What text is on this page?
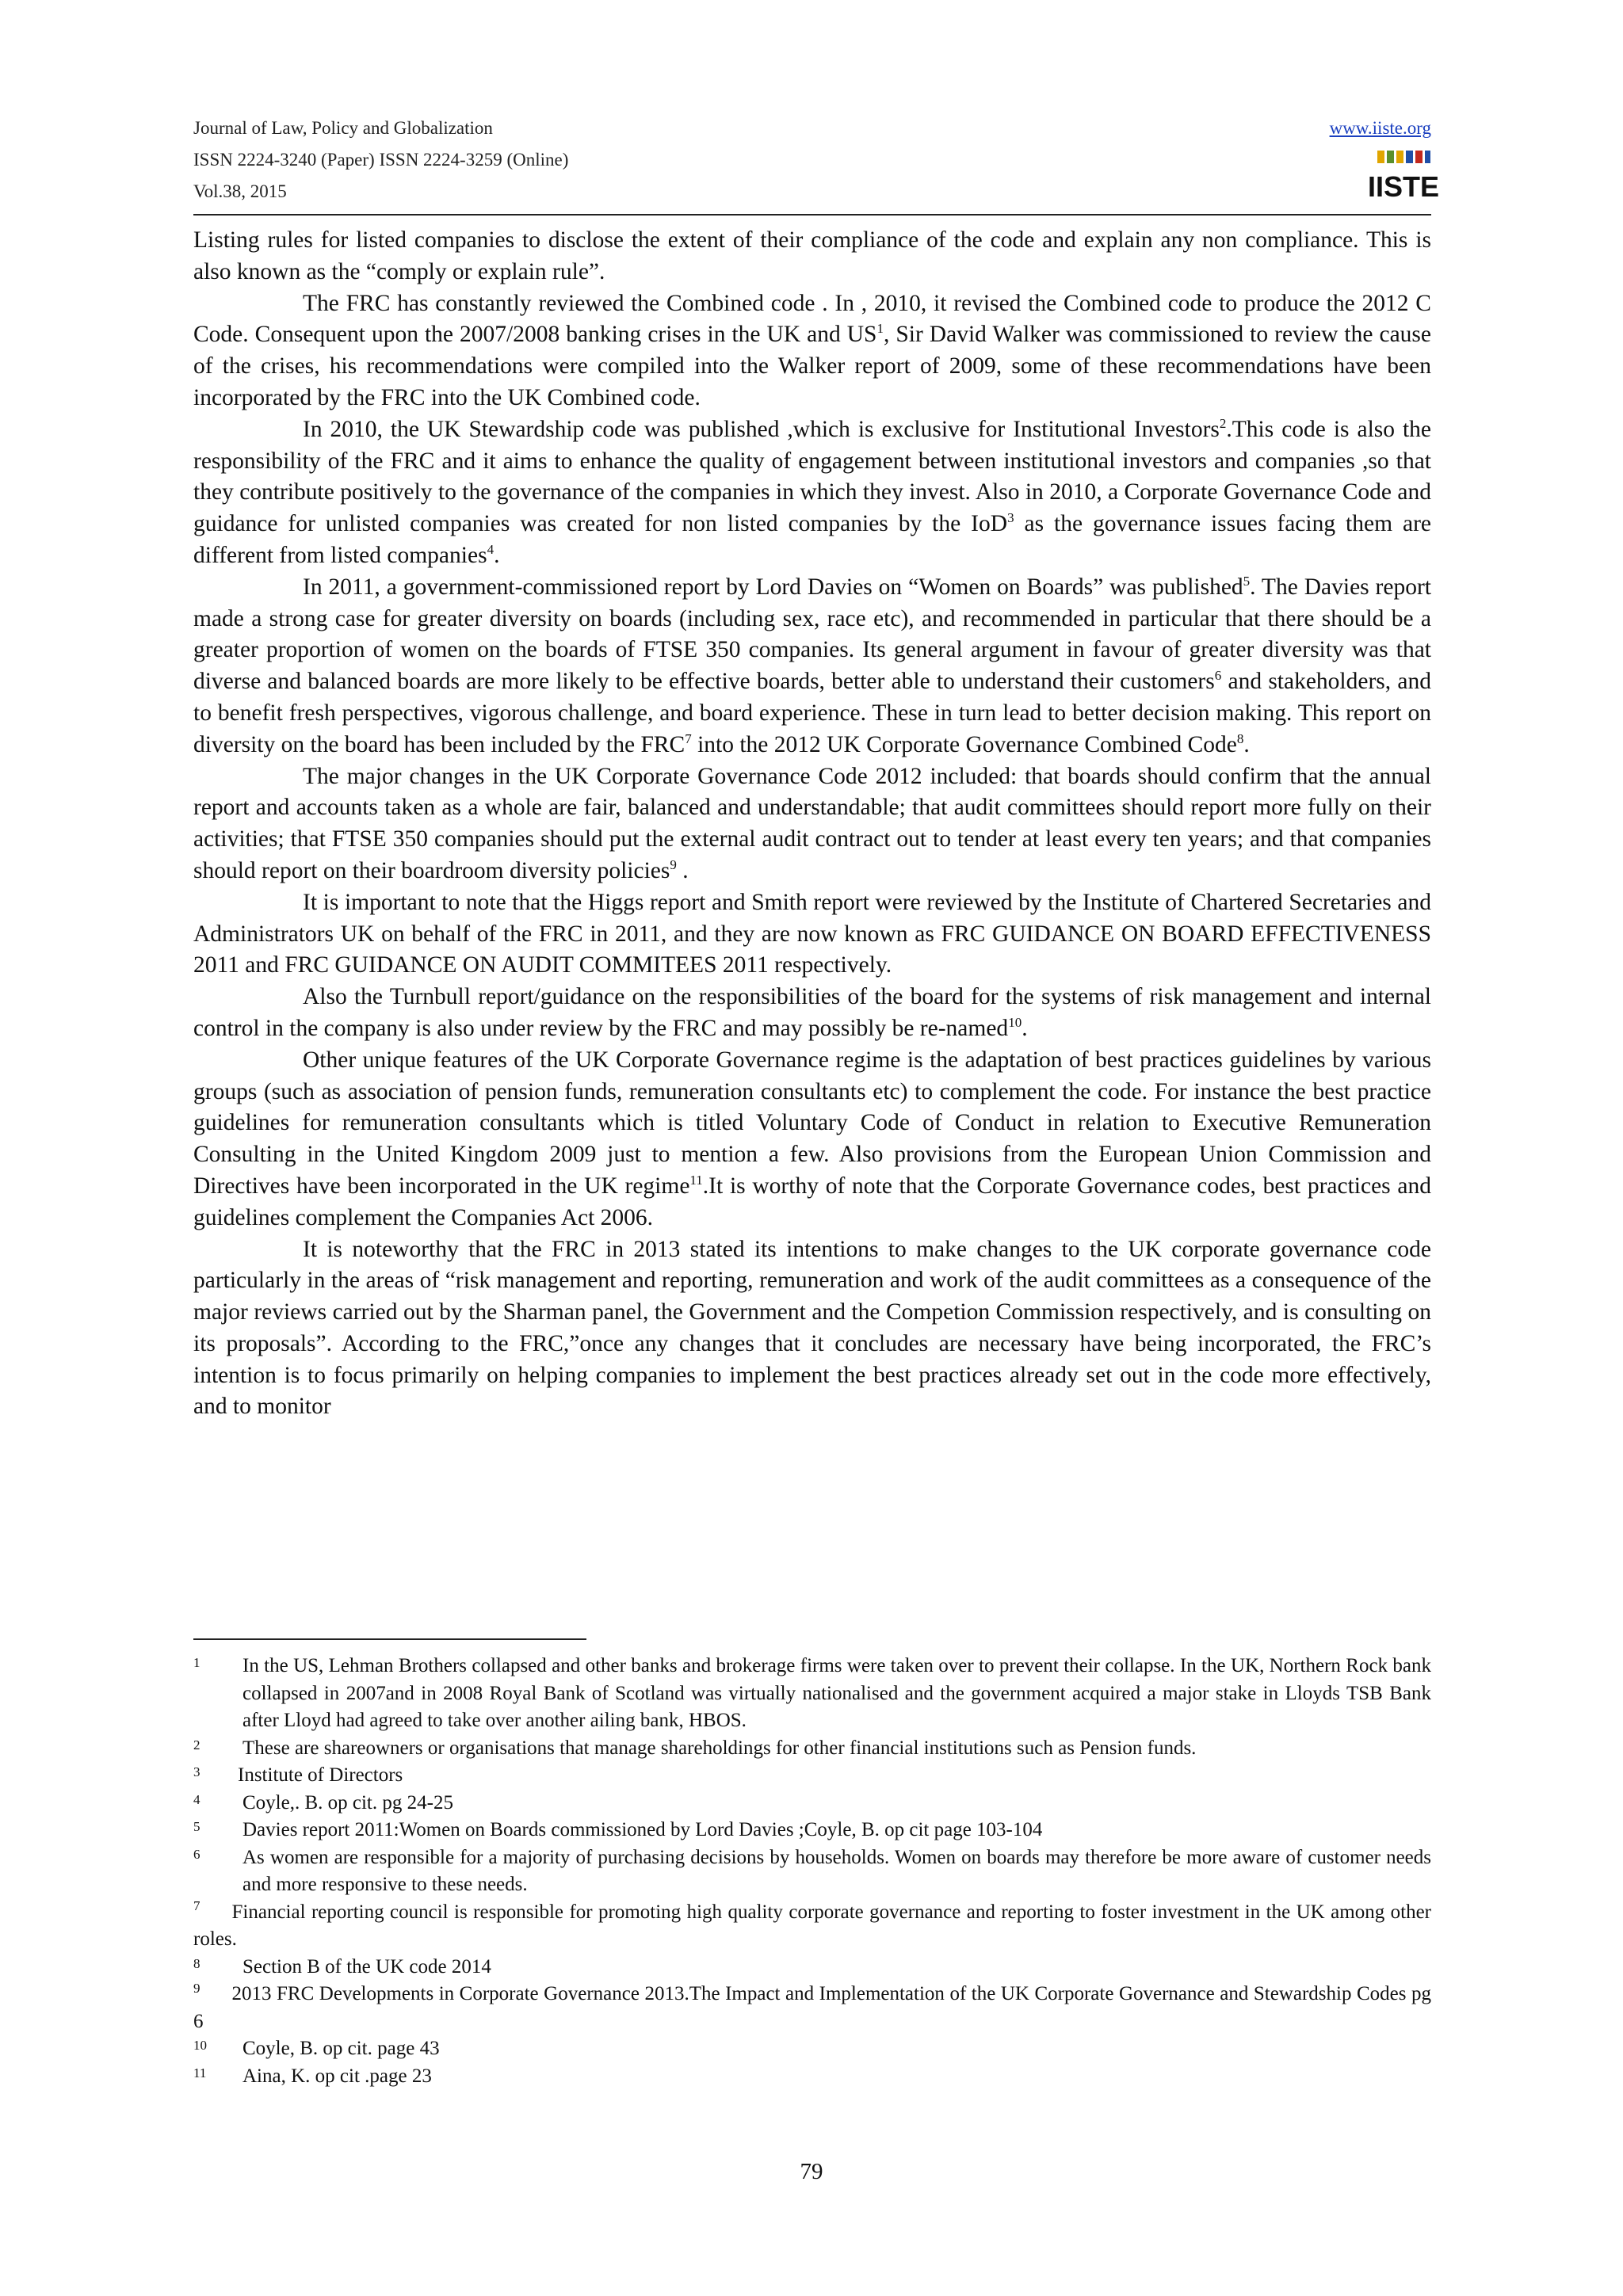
Journal of Law, Policy and Globalization
ISSN 2224-3240 (Paper) ISSN 2224-3259 (Online)
Vol.38, 2015
www.iiste.org
IISTE

Listing rules for listed companies to disclose the extent of their compliance of the code and explain any non compliance. This is also known as the “comply or explain rule”.

The FRC has constantly reviewed the Combined code . In , 2010, it revised the Combined code to produce the 2012 C Code. Consequent upon the 2007/2008 banking crises in the UK and $US^1$, Sir David Walker was commissioned to review the cause of the crises, his recommendations were compiled into the Walker report of 2009, some of these recommendations have been incorporated by the FRC into the UK Combined code.

In 2010, the UK Stewardship code was published ,which is exclusive for Institutional Investors$^2$.This code is also the responsibility of the FRC and it aims to enhance the quality of engagement between institutional investors and companies ,so that they contribute positively to the governance of the companies in which they invest. Also in 2010, a Corporate Governance Code and guidance for unlisted companies was created for non listed companies by the IoD$^3$ as the governance issues facing them are different from listed companies$^4$.

In 2011, a government-commissioned report by Lord Davies on “Women on Boards” was published$^5$. The Davies report made a strong case for greater diversity on boards (including sex, race etc), and recommended in particular that there should be a greater proportion of women on the boards of FTSE 350 companies. Its general argument in favour of greater diversity was that diverse and balanced boards are more likely to be effective boards, better able to understand their customers$^6$ and stakeholders, and to benefit fresh perspectives, vigorous challenge, and board experience. These in turn lead to better decision making. This report on diversity on the board has been included by the FRC$^7$ into the 2012 UK Corporate Governance Combined Code$^8$.

The major changes in the UK Corporate Governance Code 2012 included: that boards should confirm that the annual report and accounts taken as a whole are fair, balanced and understandable; that audit committees should report more fully on their activities; that FTSE 350 companies should put the external audit contract out to tender at least every ten years; and that companies should report on their boardroom diversity policies$^9$ .

It is important to note that the Higgs report and Smith report were reviewed by the Institute of Chartered Secretaries and Administrators UK on behalf of the FRC in 2011, and they are now known as FRC GUIDANCE ON BOARD EFFECTIVENESS 2011 and FRC GUIDANCE ON AUDIT COMMITEES 2011 respectively.

Also the Turnbull report/guidance on the responsibilities of the board for the systems of risk management and internal control in the company is also under review by the FRC and may possibly be re-named$^{10}$.

Other unique features of the UK Corporate Governance regime is the adaptation of best practices guidelines by various groups (such as association of pension funds, remuneration consultants etc) to complement the code. For instance the best practice guidelines for remuneration consultants which is titled Voluntary Code of Conduct in relation to Executive Remuneration Consulting in the United Kingdom 2009 just to mention a few. Also provisions from the European Union Commission and Directives have been incorporated in the UK regime$^{11}$.It is worthy of note that the Corporate Governance codes, best practices and guidelines complement the Companies Act 2006.

It is noteworthy that the FRC in 2013 stated its intentions to make changes to the UK corporate governance code particularly in the areas of “risk management and reporting, remuneration and work of the audit committees as a consequence of the major reviews carried out by the Sharman panel, the Government and the Competion Commission respectively, and is consulting on its proposals”. According to the FRC,”once any changes that it concludes are necessary have being incorporated, the FRC’s intention is to focus primarily on helping companies to implement the best practices already set out in the code more effectively, and to monitor

1 In the US, Lehman Brothers collapsed and other banks and brokerage firms were taken over to prevent their collapse. In the UK, Northern Rock bank collapsed in 2007and in 2008 Royal Bank of Scotland was virtually nationalised and the government acquired a major stake in Lloyds TSB Bank after Lloyd had agreed to take over another ailing bank, HBOS.

2 These are shareowners or organisations that manage shareholdings for other financial institutions such as Pension funds.

3 Institute of Directors

4 Coyle,. B. op cit. pg 24-25

5 Davies report 2011:Women on Boards commissioned by Lord Davies ;Coyle, B. op cit page 103-104

6 As women are responsible for a majority of purchasing decisions by households. Women on boards may therefore be more aware of customer needs and more responsive to these needs.

$^7$ Financial reporting council is responsible for promoting high quality corporate governance and reporting to foster investment in the UK among other roles.

8 Section B of the UK code 2014

$^9$ 2013 FRC Developments in Corporate Governance 2013.The Impact and Implementation of the UK Corporate Governance and Stewardship Codes pg 6

10 Coyle, B. op cit. page 43

11 Aina, K. op cit .page 23

79
